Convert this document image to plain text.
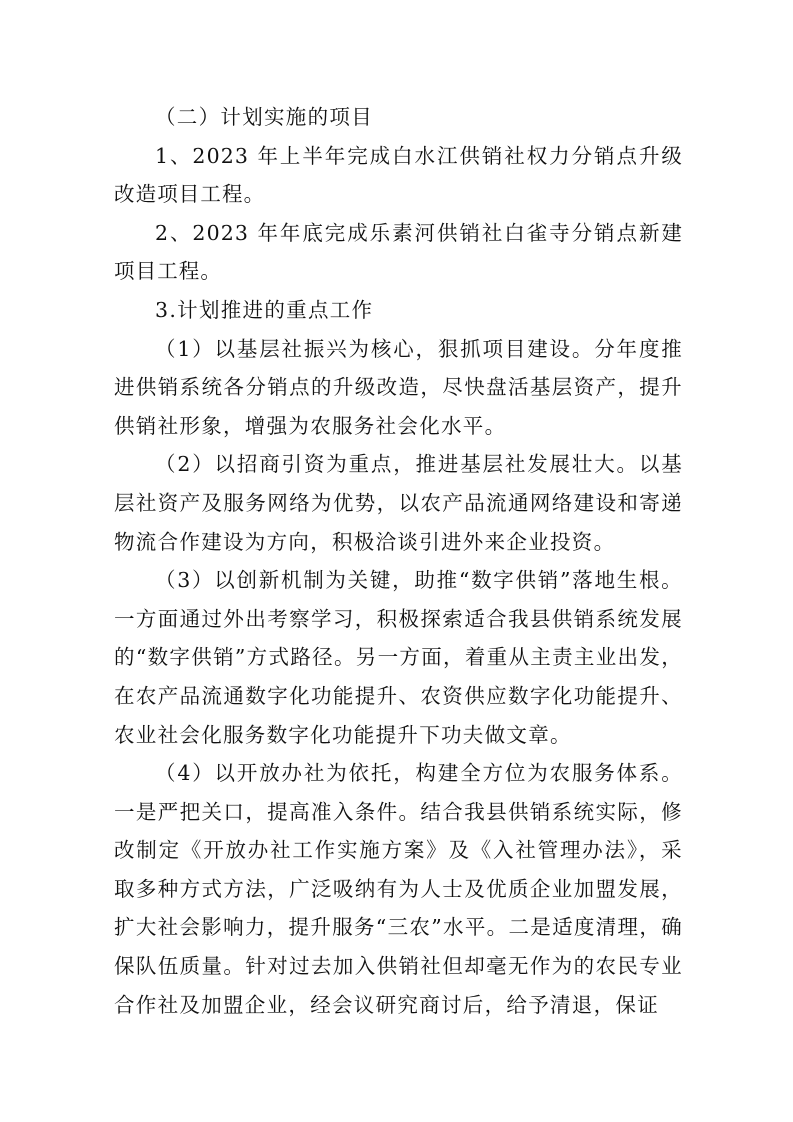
（二）计划实施的项目

1、2023 年上半年完成白水江供销社权力分销点升级改造项目工程。

2、2023 年年底完成乐素河供销社白雀寺分销点新建项目工程。

3.计划推进的重点工作

（1）以基层社振兴为核心，狠抓项目建设。分年度推进供销系统各分销点的升级改造，尽快盘活基层资产，提升供销社形象，增强为农服务社会化水平。

（2）以招商引资为重点，推进基层社发展壮大。以基层社资产及服务网络为优势，以农产品流通网络建设和寄递物流合作建设为方向，积极洽谈引进外来企业投资。

（3）以创新机制为关键，助推“数字供销”落地生根。一方面通过外出考察学习，积极探索适合我县供销系统发展的“数字供销”方式路径。另一方面，着重从主责主业出发，在农产品流通数字化功能提升、农资供应数字化功能提升、农业社会化服务数字化功能提升下功夫做文章。

（4）以开放办社为依托，构建全方位为农服务体系。一是严把关口，提高准入条件。结合我县供销系统实际，修改制定《开放办社工作实施方案》及《入社管理办法》，采取多种方式方法，广泛吸纳有为人士及优质企业加盟发展，扩大社会影响力，提升服务“三农”水平。二是适度清理，确保队伍质量。针对过去加入供销社但却毫无作为的农民专业合作社及加盟企业，经会议研究商讨后，给予清退，保证
